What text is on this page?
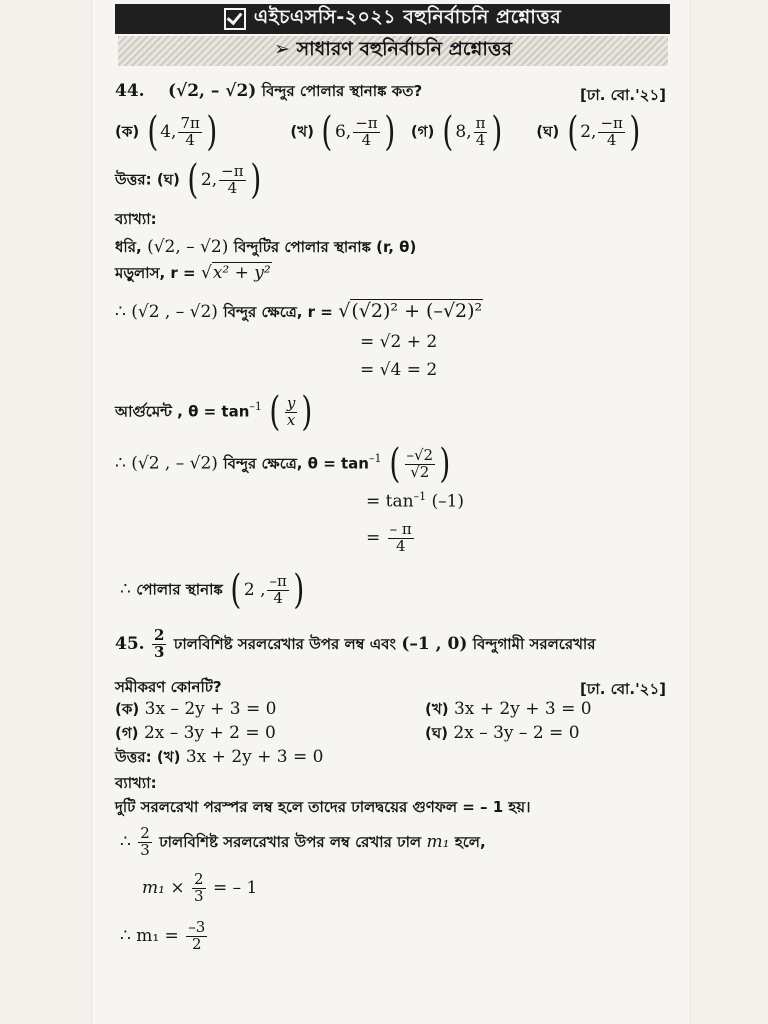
এইচএসসি-২০২১ বহুনির্বাচনি প্রশ্নোত্তর
➢ সাধারণ বহুনির্বাচনি প্রশ্নোত্তর
44. (√2, – √2) বিন্দুর পোলার স্থানাঙ্ক কত?	[ঢা. বো.'২১]
(ক) ( 4, $\frac{7\pi}{4}$ )	(খ) ( 6, $\frac{-\pi}{4}$ ) (গ) ( 8, $\frac{\pi}{4}$ ) (ঘ) ( 2, $\frac{-\pi}{4}$ )
উত্তর: (ঘ) ( 2, $\frac{-\pi}{4}$ )
ব্যাখ্যা:
ধরি, (√2, – √2) বিন্দুটির পোলার স্থানাঙ্ক (r, θ)
মড়ুলাস, r = √x² + y²
∴ (√2 , – √2) বিন্দুর ক্ষেত্রে, r = √(√2)² + (–√2)²
= √2 + 2
= √4 = 2
আর্গুমেন্ট , $\theta = \tan^{-1}$ ( $\frac{y}{x}$ )
∴ (√2 , – √2) বিন্দুর ক্ষেত্রে, $\theta = \tan^{-1}$ ( $\frac{-√2}{√2}$ )
= $\tan^{-1} (-1)$
= $\frac{- \pi}{4}$
∴ পোলার স্থানাঙ্ক ( 2 , $\frac{-\pi}{4}$ )
45. $\frac{2}{3}$ ঢালবিশিষ্ট সরলরেখার উপর লম্ব এবং (–1 , 0) বিন্দুগামী সরলরেখার
সমীকরণ কোনটি?	[ঢা. বো.'২১]
(ক) 3x – 2y + 3 = 0	(খ) 3x + 2y + 3 = 0
(গ) 2x – 3y + 2 = 0	(ঘ) 2x – 3y – 2 = 0
উত্তর: (খ) 3x + 2y + 3 = 0
ব্যাখ্যা:
দুটি সরলরেখা পরস্পর লম্ব হলে তাদের ঢালদ্বয়ের গুণফল = – 1 হয়।
∴ $\frac{2}{3}$ ঢালবিশিষ্ট সরলরেখার উপর লম্ব রেখার ঢাল m₁ হলে,
$m_1 \times \frac{2}{3}$ = – 1
∴ $m_1 = \frac{-3}{2}$
